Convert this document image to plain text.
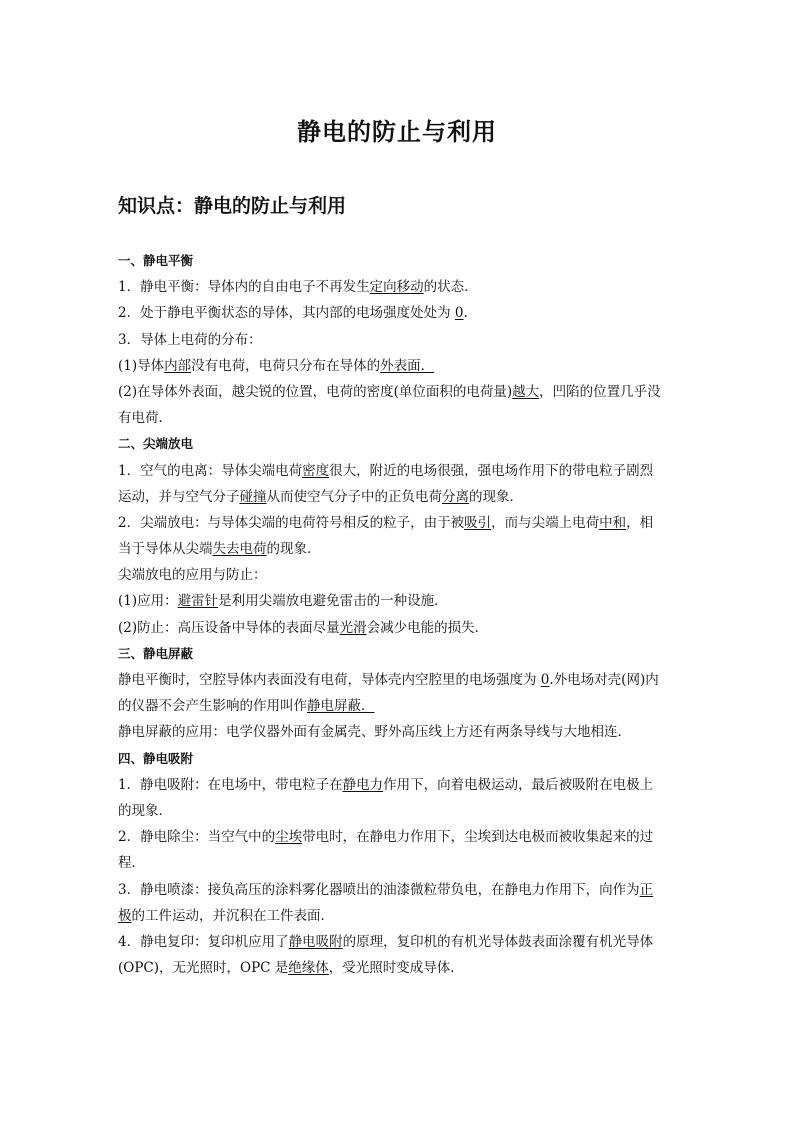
静电的防止与利用
知识点：静电的防止与利用
一、静电平衡
1．静电平衡：导体内的自由电子不再发生定向移动的状态．
2．处于静电平衡状态的导体，其内部的电场强度处处为 0.
3．导体上电荷的分布：
(1)导体内部没有电荷，电荷只分布在导体的外表面．
(2)在导体外表面，越尖锐的位置，电荷的密度(单位面积的电荷量)越大，凹陷的位置几乎没
有电荷．
二、尖端放电
1．空气的电离：导体尖端电荷密度很大，附近的电场很强，强电场作用下的带电粒子剧烈
运动，并与空气分子碰撞从而使空气分子中的正负电荷分离的现象．
2．尖端放电：与导体尖端的电荷符号相反的粒子，由于被吸引，而与尖端上电荷中和，相
当于导体从尖端失去电荷的现象．
尖端放电的应用与防止：
(1)应用：避雷针是利用尖端放电避免雷击的一种设施．
(2)防止：高压设备中导体的表面尽量光滑会减少电能的损失．
三、静电屏蔽
静电平衡时，空腔导体内表面没有电荷，导体壳内空腔里的电场强度为 0.外电场对壳(网)内
的仪器不会产生影响的作用叫作静电屏蔽．
静电屏蔽的应用：电学仪器外面有金属壳、野外高压线上方还有两条导线与大地相连．
四、静电吸附
1．静电吸附：在电场中，带电粒子在静电力作用下，向着电极运动，最后被吸附在电极上
的现象．
2．静电除尘：当空气中的尘埃带电时，在静电力作用下，尘埃到达电极而被收集起来的过
程．
3．静电喷漆：接负高压的涂料雾化器喷出的油漆微粒带负电，在静电力作用下，向作为正
极的工件运动，并沉积在工件表面．
4．静电复印：复印机应用了静电吸附的原理，复印机的有机光导体鼓表面涂覆有机光导体
(OPC)，无光照时，OPC 是绝缘体，受光照时变成导体．
